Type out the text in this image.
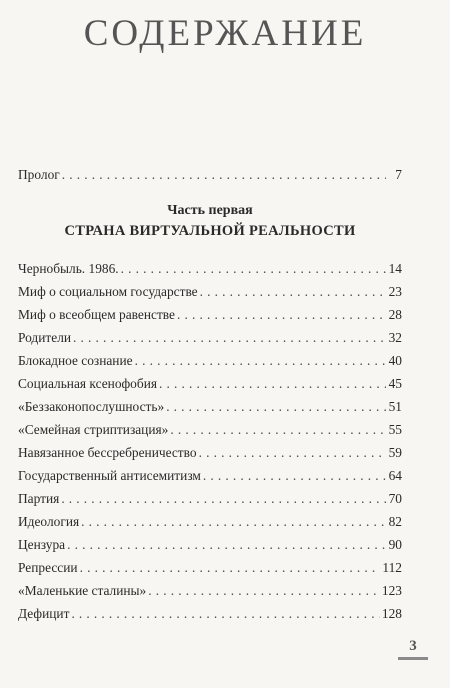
СОДЕРЖАНИЕ
Пролог . . .	7
Часть первая
СТРАНА ВИРТУАЛЬНОЙ РЕАЛЬНОСТИ
Чернобыль. 1986. . . .	14
Миф о социальном государстве . . .	23
Миф о всеобщем равенстве . . .	28
Родители . . .	32
Блокадное сознание . . .	40
Социальная ксенофобия . . .	45
«Беззаконопослушность» . . .	51
«Семейная стриптизация» . . .	55
Навязанное бессребреничество . . .	59
Государственный антисемитизм . . .	64
Партия . . .	70
Идеология . . .	82
Цензура . . .	90
Репрессии . . .	112
«Маленькие сталины» . . .	123
Дефицит . . .	128
3
